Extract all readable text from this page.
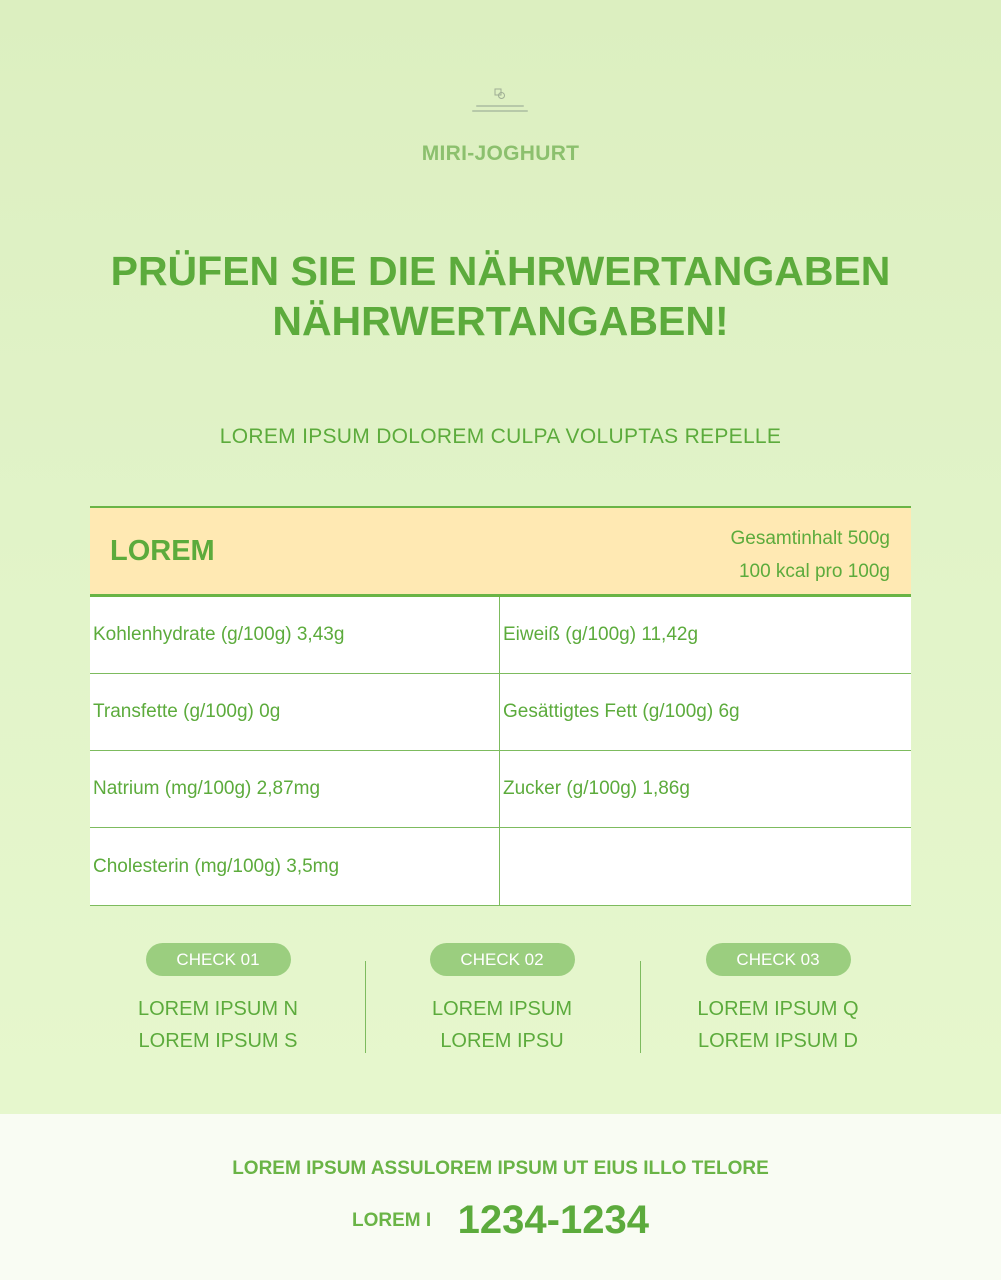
MIRI-JOGHURT
PRÜFEN SIE DIE NÄHRWERTANGABEN NÄHRWERTANGABEN!
LOREM IPSUM DOLOREM CULPA VOLUPTAS REPELLE
LOREM	Gesamtinhalt 500g
100 kcal pro 100g
Kohlenhydrate (g/100g) 3,43g	Eiweiß (g/100g) 11,42g
Transfette (g/100g) 0g	Gesättigtes Fett (g/100g) 6g
Natrium (mg/100g) 2,87mg	Zucker (g/100g) 1,86g
Cholesterin (mg/100g) 3,5mg
CHECK 01
LOREM IPSUM N
LOREM IPSUM S
CHECK 02
LOREM IPSUM
LOREM IPSU
CHECK 03
LOREM IPSUM Q
LOREM IPSUM D
LOREM IPSUM ASSULOREM IPSUM UT EIUS ILLO TELORE
LOREM I 1234-1234
